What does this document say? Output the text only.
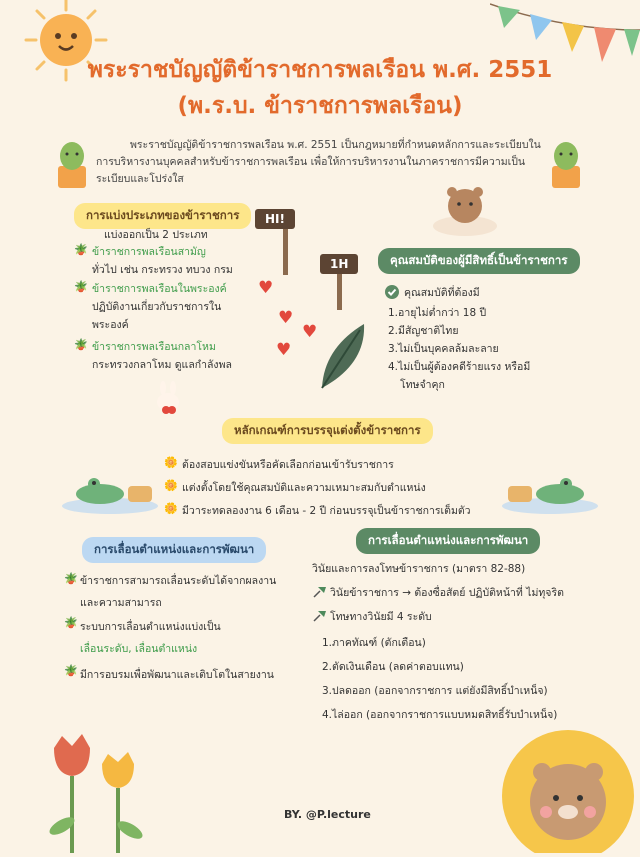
พระราชบัญญัติข้าราชการพลเรือน พ.ศ. 2551
(พ.ร.บ. ข้าราชการพลเรือน)
พระราชบัญญัติข้าราชการพลเรือน พ.ศ. 2551 เป็นกฎหมายที่กำหนดหลักการและระเบียบในการบริหารงานบุคคลสำหรับข้าราชการพลเรือน เพื่อให้การบริหารงานในภาคราชการมีความเป็นระเบียบและโปร่งใส
HI!
1H
การแบ่งประเภทของข้าราชการ
แบ่งออกเป็น 2 ประเภท
🪴 ข้าราชการพลเรือนสามัญ
ทั่วไป เช่น กระทรวง ทบวง กรม
🪴 ข้าราชการพลเรือนในพระองค์
ปฏิบัติงานเกี่ยวกับราชการใน
พระองค์
🪴 ข้าราชการพลเรือนกลาโหม
กระทรวงกลาโหม ดูแลกำลังพล
♥
♥
♥
♥
คุณสมบัติของผู้มีสิทธิ์เป็นข้าราชการ
คุณสมบัติที่ต้องมี
1.อายุไม่ต่ำกว่า 18 ปี
2.มีสัญชาติไทย
3.ไม่เป็นบุคคลล้มละลาย
4.ไม่เป็นผู้ต้องคดีร้ายแรง หรือมี
โทษจำคุก
หลักเกณฑ์การบรรจุแต่งตั้งข้าราชการ
🌼 ต้องสอบแข่งขันหรือคัดเลือกก่อนเข้ารับราชการ
🌼 แต่งตั้งโดยใช้คุณสมบัติและความเหมาะสมกับตำแหน่ง
🌼 มีวาระทดลองงาน 6 เดือน - 2 ปี ก่อนบรรจุเป็นข้าราชการเต็มตัว
การเลื่อนตำแหน่งและการพัฒนา
🪴 ข้าราชการสามารถเลื่อนระดับได้จากผลงาน
และความสามารถ
🪴 ระบบการเลื่อนตำแหน่งแบ่งเป็น
เลื่อนระดับ, เลื่อนตำแหน่ง
🪴 มีการอบรมเพื่อพัฒนาและเติบโตในสายงาน
การเลื่อนตำแหน่งและการพัฒนา
วินัยและการลงโทษข้าราชการ (มาตรา 82-88)
วินัยข้าราชการ → ต้องซื่อสัตย์ ปฏิบัติหน้าที่ ไม่ทุจริต
โทษทางวินัยมี 4 ระดับ
1.ภาคทัณฑ์ (ตักเตือน)
2.ตัดเงินเดือน (ลดค่าตอบแทน)
3.ปลดออก (ออกจากราชการ แต่ยังมีสิทธิ์บำเหน็จ)
4.ไล่ออก (ออกจากราชการแบบหมดสิทธิ์รับบำเหน็จ)
BY. @P.lecture
